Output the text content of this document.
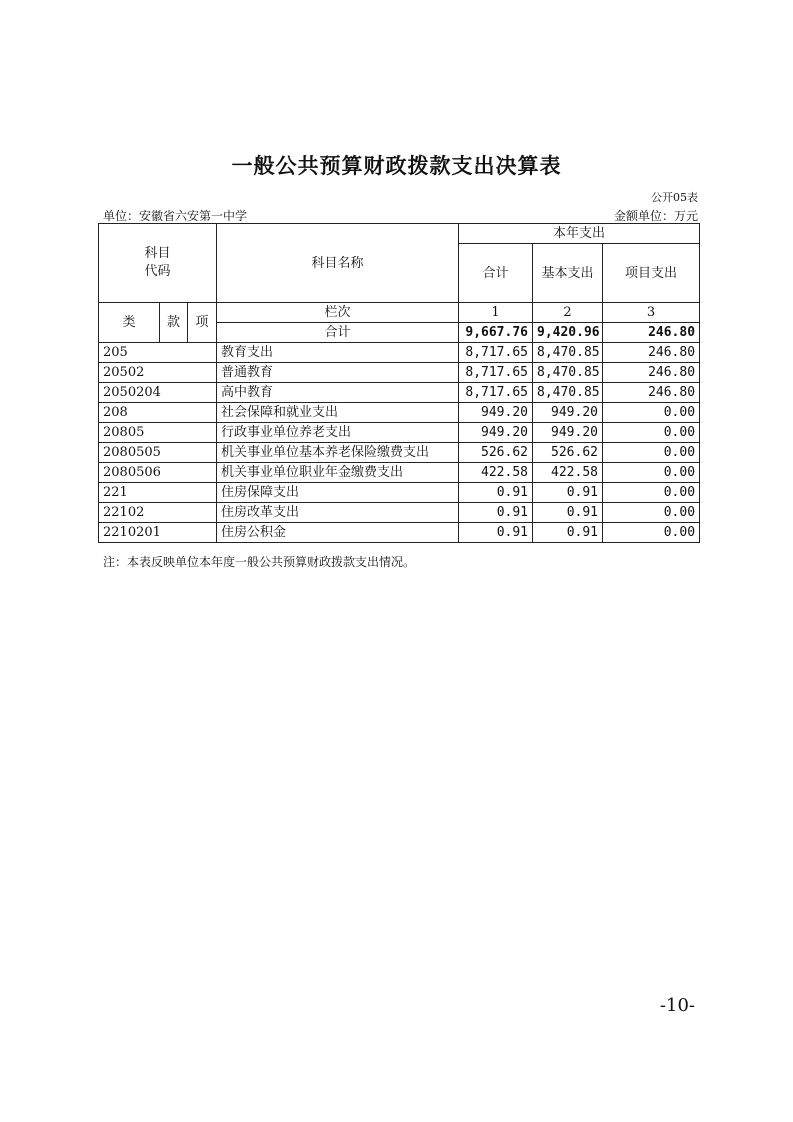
一般公共预算财政拨款支出决算表
公开05表
单位：安徽省六安第一中学	金额单位：万元
科目
代码			科目名称	本年支出		
				合计	基本支出	项目支出
类	款	项	栏次	1	2	3
			合计	9,667.76	9,420.96	246.80
205			教育支出	8,717.65	8,470.85	246.80
20502			普通教育	8,717.65	8,470.85	246.80
2050204			高中教育	8,717.65	8,470.85	246.80
208			社会保障和就业支出	949.20	949.20	0.00
20805			行政事业单位养老支出	949.20	949.20	0.00
2080505			机关事业单位基本养老保险缴费支出	526.62	526.62	0.00
2080506			机关事业单位职业年金缴费支出	422.58	422.58	0.00
221			住房保障支出	0.91	0.91	0.00
22102			住房改革支出	0.91	0.91	0.00
2210201			住房公积金	0.91	0.91	0.00
注：本表反映单位本年度一般公共预算财政拨款支出情况。
-10-
